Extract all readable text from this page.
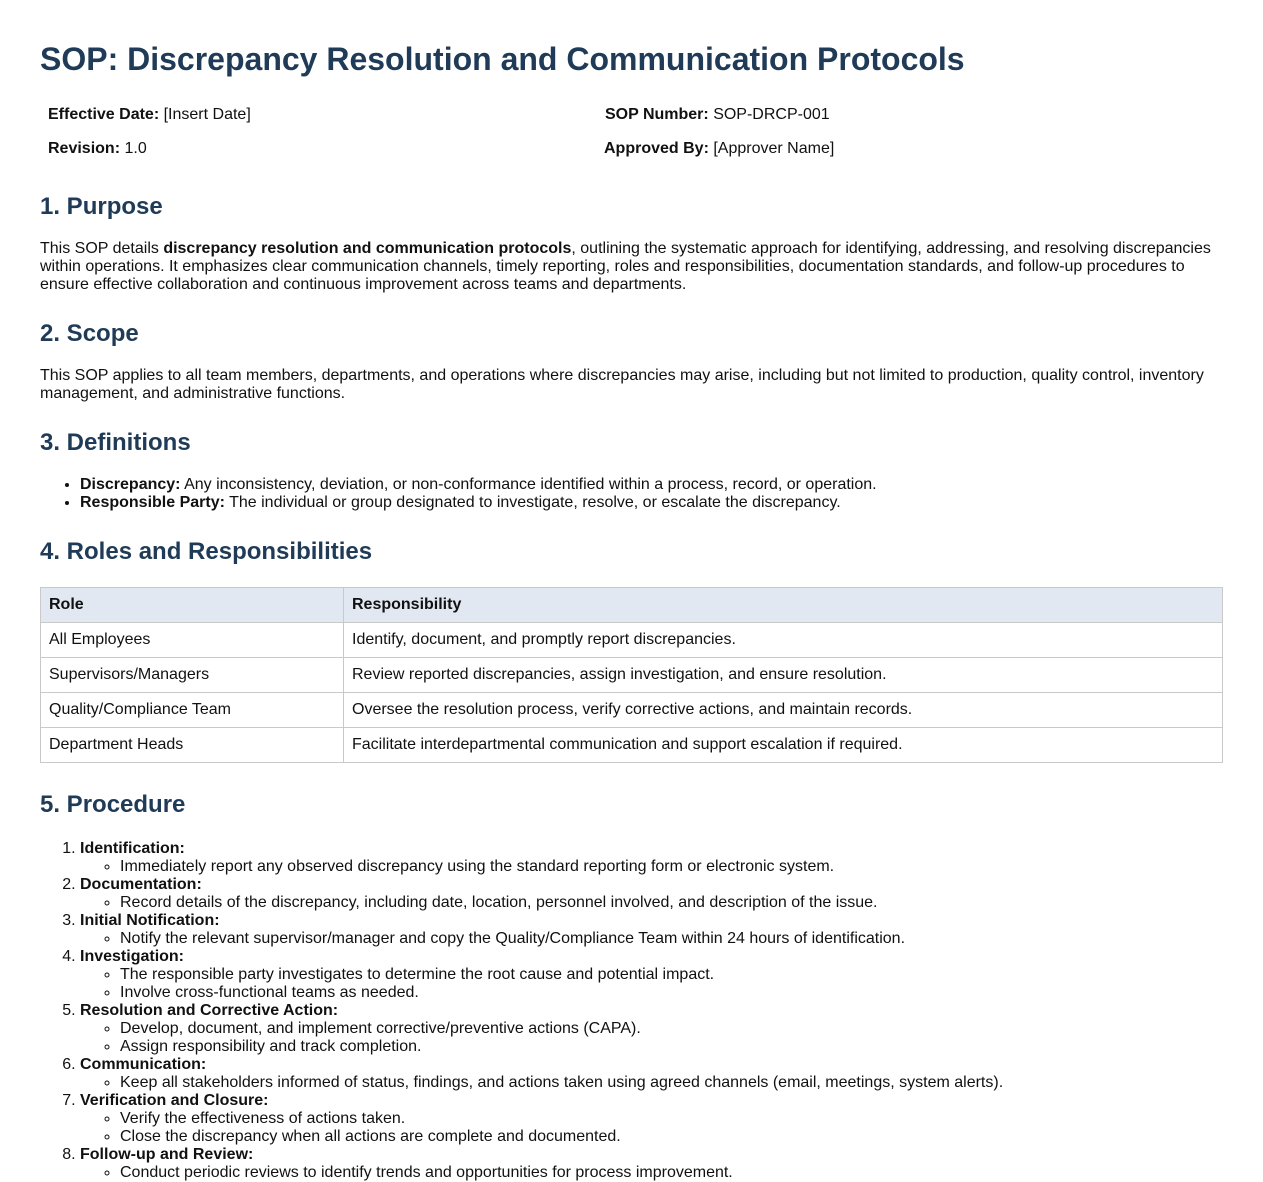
SOP: Discrepancy Resolution and Communication Protocols
Effective Date: [Insert Date]	SOP Number: SOP-DRCP-001
Revision: 1.0	Approved By: [Approver Name]
1. Purpose

This SOP details discrepancy resolution and communication protocols, outlining the systematic approach for identifying, addressing, and resolving discrepancies within operations. It emphasizes clear communication channels, timely reporting, roles and responsibilities, documentation standards, and follow-up procedures to ensure effective collaboration and continuous improvement across teams and departments.

2. Scope

This SOP applies to all team members, departments, and operations where discrepancies may arise, including but not limited to production, quality control, inventory management, and administrative functions.

3. Definitions
• Discrepancy: Any inconsistency, deviation, or non-conformance identified within a process, record, or operation.
• Responsible Party: The individual or group designated to investigate, resolve, or escalate the discrepancy.
4. Roles and Responsibilities
Role	Responsibility
All Employees	Identify, document, and promptly report discrepancies.
Supervisors/Managers	Review reported discrepancies, assign investigation, and ensure resolution.
Quality/Compliance Team	Oversee the resolution process, verify corrective actions, and maintain records.
Department Heads	Facilitate interdepartmental communication and support escalation if required.
5. Procedure
1. Identification:
◦ Immediately report any observed discrepancy using the standard reporting form or electronic system.
2. Documentation:
◦ Record details of the discrepancy, including date, location, personnel involved, and description of the issue.
3. Initial Notification:
◦ Notify the relevant supervisor/manager and copy the Quality/Compliance Team within 24 hours of identification.
4. Investigation:
◦ The responsible party investigates to determine the root cause and potential impact.
◦ Involve cross-functional teams as needed.
5. Resolution and Corrective Action:
◦ Develop, document, and implement corrective/preventive actions (CAPA).
◦ Assign responsibility and track completion.
6. Communication:
◦ Keep all stakeholders informed of status, findings, and actions taken using agreed channels (email, meetings, system alerts).
7. Verification and Closure:
◦ Verify the effectiveness of actions taken.
◦ Close the discrepancy when all actions are complete and documented.
8. Follow-up and Review:
◦ Conduct periodic reviews to identify trends and opportunities for process improvement.
